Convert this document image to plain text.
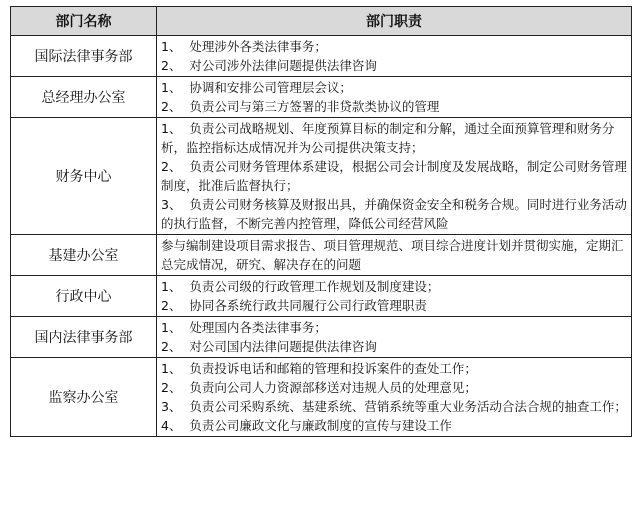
部门名称	部门职责
国际法律事务部	1、  处理涉外各类法律事务；
2、  对公司涉外法律问题提供法律咨询

总经理办公室	1、  协调和安排公司管理层会议；
2、  负责公司与第三方签署的非贷款类协议的管理

财务中心	1、  负责公司战略规划、年度预算目标的制定和分解，通过全面预算管理和财务分析，监控指标达成情况并为公司提供决策支持；
2、  负责公司财务管理体系建设，根据公司会计制度及发展战略，制定公司财务管理制度，批准后监督执行；
3、  负责公司财务核算及财报出具，并确保资金安全和税务合规。同时进行业务活动的执行监督，不断完善内控管理，降低公司经营风险

基建办公室	参与编制建设项目需求报告、项目管理规范、项目综合进度计划并贯彻实施，定期汇总完成情况，研究、解决存在的问题

行政中心	1、  负责公司级的行政管理工作规划及制度建设；
2、  协同各系统行政共同履行公司行政管理职责

国内法律事务部	1、  处理国内各类法律事务；
2、  对公司国内法律问题提供法律咨询

监察办公室	1、  负责投诉电话和邮箱的管理和投诉案件的查处工作；
2、  负责向公司人力资源部移送对违规人员的处理意见；
3、  负责公司采购系统、基建系统、营销系统等重大业务活动合法合规的抽查工作；
4、  负责公司廉政文化与廉政制度的宣传与建设工作
